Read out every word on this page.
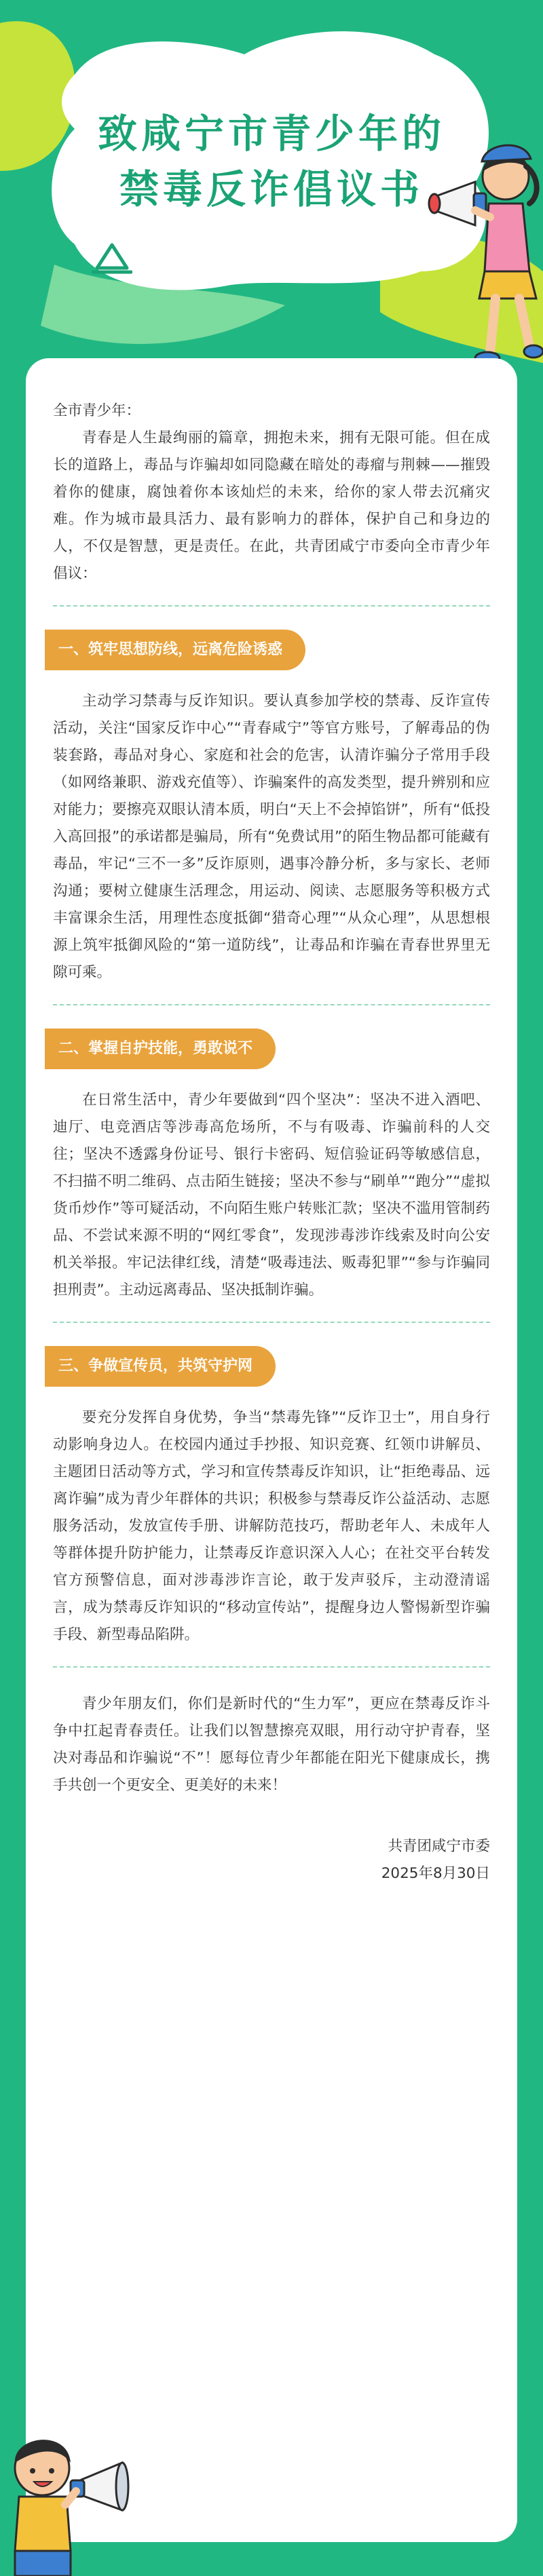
致咸宁市青少年的
禁毒反诈倡议书

全市青少年：

青春是人生最绚丽的篇章，拥抱未来，拥有无限可能。但在成长的道路上，毒品与诈骗却如同隐藏在暗处的毒瘤与荆棘——摧毁着你的健康，腐蚀着你本该灿烂的未来，给你的家人带去沉痛灾难。作为城市最具活力、最有影响力的群体，保护自己和身边的人，不仅是智慧，更是责任。在此，共青团咸宁市委向全市青少年倡议：

一、筑牢思想防线，远离危险诱惑

主动学习禁毒与反诈知识。要认真参加学校的禁毒、反诈宣传活动，关注“国家反诈中心”“青春咸宁”等官方账号，了解毒品的伪装套路，毒品对身心、家庭和社会的危害，认清诈骗分子常用手段（如网络兼职、游戏充值等）、诈骗案件的高发类型，提升辨别和应对能力；要擦亮双眼认清本质，明白“天上不会掉馅饼”，所有“低投入高回报”的承诺都是骗局，所有“免费试用”的陌生物品都可能藏有毒品，牢记“三不一多”反诈原则，遇事冷静分析，多与家长、老师沟通；要树立健康生活理念，用运动、阅读、志愿服务等积极方式丰富课余生活，用理性态度抵御“猎奇心理”“从众心理”，从思想根源上筑牢抵御风险的“第一道防线”，让毒品和诈骗在青春世界里无隙可乘。

二、掌握自护技能，勇敢说不

在日常生活中，青少年要做到“四个坚决”：坚决不进入酒吧、迪厅、电竞酒店等涉毒高危场所，不与有吸毒、诈骗前科的人交往；坚决不透露身份证号、银行卡密码、短信验证码等敏感信息，不扫描不明二维码、点击陌生链接；坚决不参与“刷单”“跑分”“虚拟货币炒作”等可疑活动，不向陌生账户转账汇款；坚决不滥用管制药品、不尝试来源不明的“网红零食”，发现涉毒涉诈线索及时向公安机关举报。牢记法律红线，清楚“吸毒违法、贩毒犯罪”“参与诈骗同担刑责”。主动远离毒品、坚决抵制诈骗。

三、争做宣传员，共筑守护网

要充分发挥自身优势，争当“禁毒先锋”“反诈卫士”，用自身行动影响身边人。在校园内通过手抄报、知识竞赛、红领巾讲解员、主题团日活动等方式，学习和宣传禁毒反诈知识，让“拒绝毒品、远离诈骗”成为青少年群体的共识；积极参与禁毒反诈公益活动、志愿服务活动，发放宣传手册、讲解防范技巧，帮助老年人、未成年人等群体提升防护能力，让禁毒反诈意识深入人心；在社交平台转发官方预警信息，面对涉毒涉诈言论，敢于发声驳斥，主动澄清谣言，成为禁毒反诈知识的“移动宣传站”，提醒身边人警惕新型诈骗手段、新型毒品陷阱。

青少年朋友们，你们是新时代的“生力军”，更应在禁毒反诈斗争中扛起青春责任。让我们以智慧擦亮双眼，用行动守护青春，坚决对毒品和诈骗说“不”！愿每位青少年都能在阳光下健康成长，携手共创一个更安全、更美好的未来！

共青团咸宁市委

2025年8月30日
